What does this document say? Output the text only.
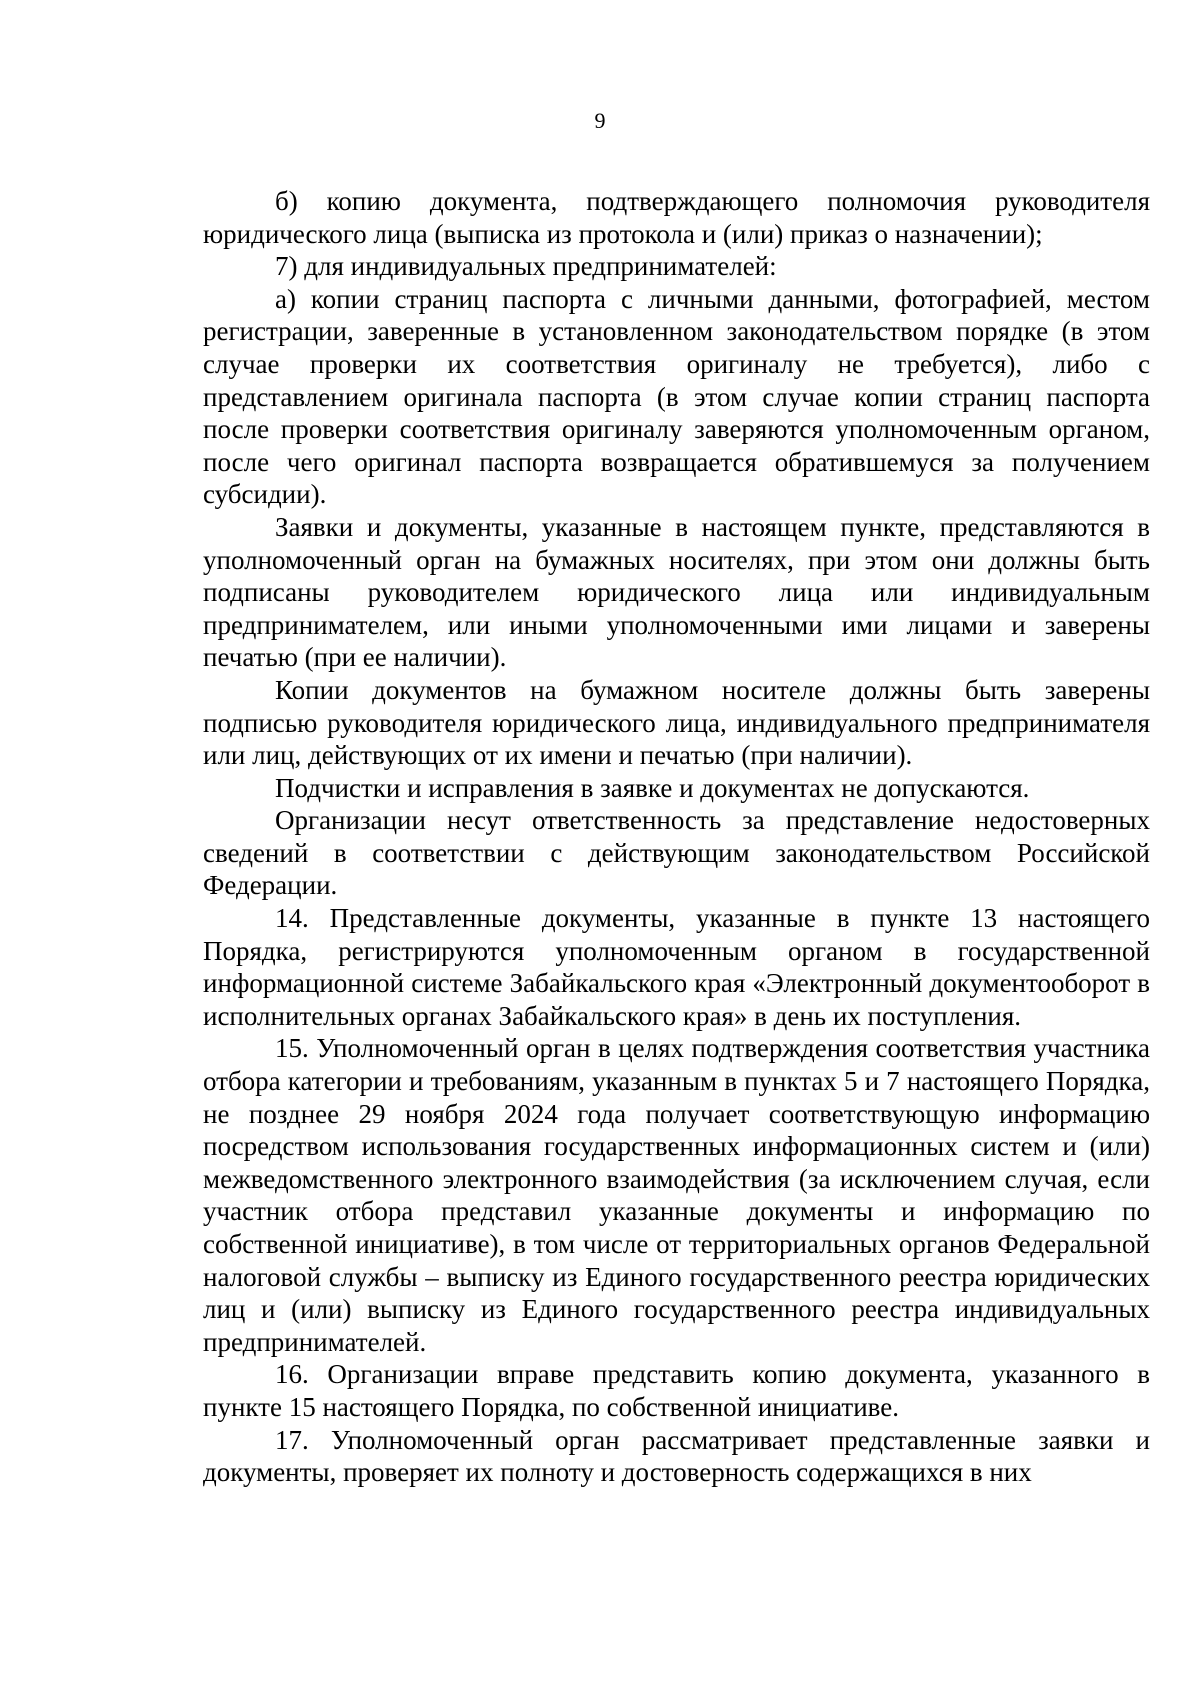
9

б) копию документа, подтверждающего полномочия руководителя юридического лица (выписка из протокола и (или) приказ о назначении);

7) для индивидуальных предпринимателей:

а) копии страниц паспорта с личными данными, фотографией, местом регистрации, заверенные в установленном законодательством порядке (в этом случае проверки их соответствия оригиналу не требуется), либо с представлением оригинала паспорта (в этом случае копии страниц паспорта после проверки соответствия оригиналу заверяются уполномоченным органом, после чего оригинал паспорта возвращается обратившемуся за получением субсидии).

Заявки и документы, указанные в настоящем пункте, представляются в уполномоченный орган на бумажных носителях, при этом они должны быть подписаны руководителем юридического лица или индивидуальным предпринимателем, или иными уполномоченными ими лицами и заверены печатью (при ее наличии).

Копии документов на бумажном носителе должны быть заверены подписью руководителя юридического лица, индивидуального предпринимателя или лиц, действующих от их имени и печатью (при наличии).

Подчистки и исправления в заявке и документах не допускаются.

Организации несут ответственность за представление недостоверных сведений в соответствии с действующим законодательством Российской Федерации.

14. Представленные документы, указанные в пункте 13 настоящего Порядка, регистрируются уполномоченным органом в государственной информационной системе Забайкальского края «Электронный документооборот в исполнительных органах Забайкальского края» в день их поступления.

15. Уполномоченный орган в целях подтверждения соответствия участника отбора категории и требованиям, указанным в пунктах 5 и 7 настоящего Порядка, не позднее 29 ноября 2024 года получает соответствующую информацию посредством использования государственных информационных систем и (или) межведомственного электронного взаимодействия (за исключением случая, если участник отбора представил указанные документы и информацию по собственной инициативе), в том числе от территориальных органов Федеральной налоговой службы – выписку из Единого государственного реестра юридических лиц и (или) выписку из Единого государственного реестра индивидуальных предпринимателей.

16. Организации вправе представить копию документа, указанного в пункте 15 настоящего Порядка, по собственной инициативе.

17. Уполномоченный орган рассматривает представленные заявки и документы, проверяет их полноту и достоверность содержащихся в них
